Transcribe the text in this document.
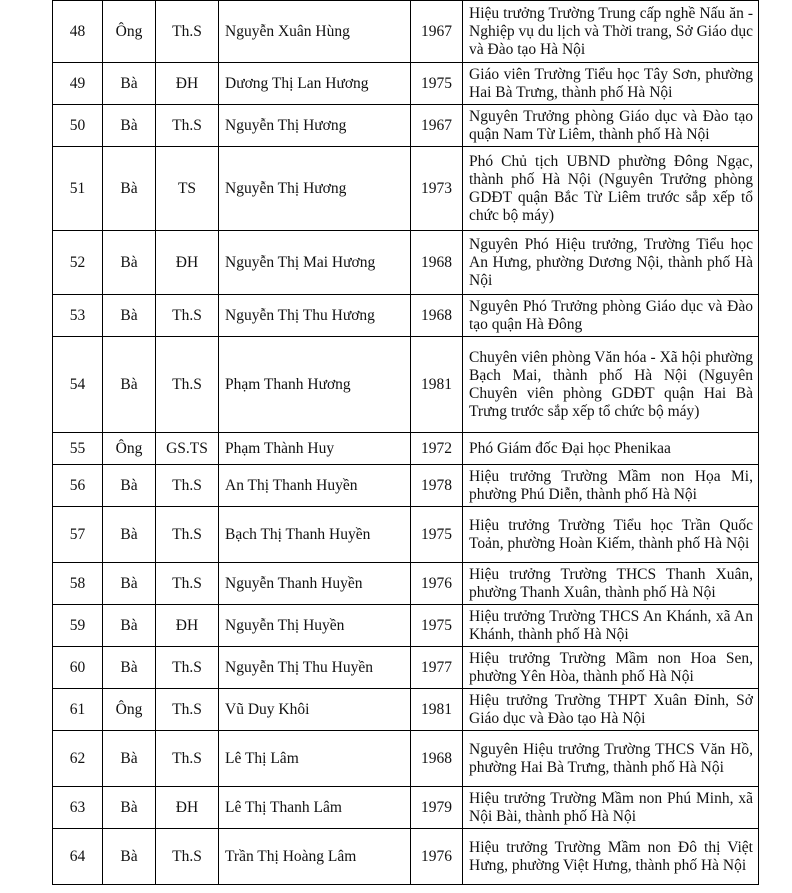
48	Ông	Th.S	Nguyễn Xuân Hùng	1967	Hiệu trưởng Trường Trung cấp nghề Nấu ăn - Nghiệp vụ du lịch và Thời trang, Sở Giáo dục và Đào tạo Hà Nội
49	Bà	ĐH	Dương Thị Lan Hương	1975	Giáo viên Trường Tiểu học Tây Sơn, phường Hai Bà Trưng, thành phố Hà Nội
50	Bà	Th.S	Nguyễn Thị Hương	1967	Nguyên Trưởng phòng Giáo dục và Đào tạo quận Nam Từ Liêm, thành phố Hà Nội
51	Bà	TS	Nguyễn Thị Hương	1973	Phó Chủ tịch UBND phường Đông Ngạc, thành phố Hà Nội (Nguyên Trưởng phòng GDĐT quận Bắc Từ Liêm trước sắp xếp tổ chức bộ máy)
52	Bà	ĐH	Nguyễn Thị Mai Hương	1968	Nguyên Phó Hiệu trưởng, Trường Tiểu học An Hưng, phường Dương Nội, thành phố Hà Nội
53	Bà	Th.S	Nguyễn Thị Thu Hương	1968	Nguyên Phó Trưởng phòng Giáo dục và Đào tạo quận Hà Đông
54	Bà	Th.S	Phạm Thanh Hương	1981	Chuyên viên phòng Văn hóa - Xã hội phường Bạch Mai, thành phố Hà Nội (Nguyên Chuyên viên phòng GDĐT quận Hai Bà Trưng trước sắp xếp tổ chức bộ máy)
55	Ông	GS.TS	Phạm Thành Huy	1972	Phó Giám đốc Đại học Phenikaa
56	Bà	Th.S	An Thị Thanh Huyền	1978	Hiệu trưởng Trường Mầm non Họa Mi, phường Phú Diễn, thành phố Hà Nội
57	Bà	Th.S	Bạch Thị Thanh Huyền	1975	Hiệu trưởng Trường Tiểu học Trần Quốc Toản, phường Hoàn Kiếm, thành phố Hà Nội
58	Bà	Th.S	Nguyễn Thanh Huyền	1976	Hiệu trưởng Trường THCS Thanh Xuân, phường Thanh Xuân, thành phố Hà Nội
59	Bà	ĐH	Nguyễn Thị Huyền	1975	Hiệu trưởng Trường THCS An Khánh, xã An Khánh, thành phố Hà Nội
60	Bà	Th.S	Nguyễn Thị Thu Huyền	1977	Hiệu trưởng Trường Mầm non Hoa Sen, phường Yên Hòa, thành phố Hà Nội
61	Ông	Th.S	Vũ Duy Khôi	1981	Hiệu trưởng Trường THPT Xuân Đỉnh, Sở Giáo dục và Đào tạo Hà Nội
62	Bà	Th.S	Lê Thị Lâm	1968	Nguyên Hiệu trưởng Trường THCS Văn Hồ, phường Hai Bà Trưng, thành phố Hà Nội
63	Bà	ĐH	Lê Thị Thanh Lâm	1979	Hiệu trưởng Trường Mầm non Phú Minh, xã Nội Bài, thành phố Hà Nội
64	Bà	Th.S	Trần Thị Hoàng Lâm	1976	Hiệu trưởng Trường Mầm non Đô thị Việt Hưng, phường Việt Hưng, thành phố Hà Nội
